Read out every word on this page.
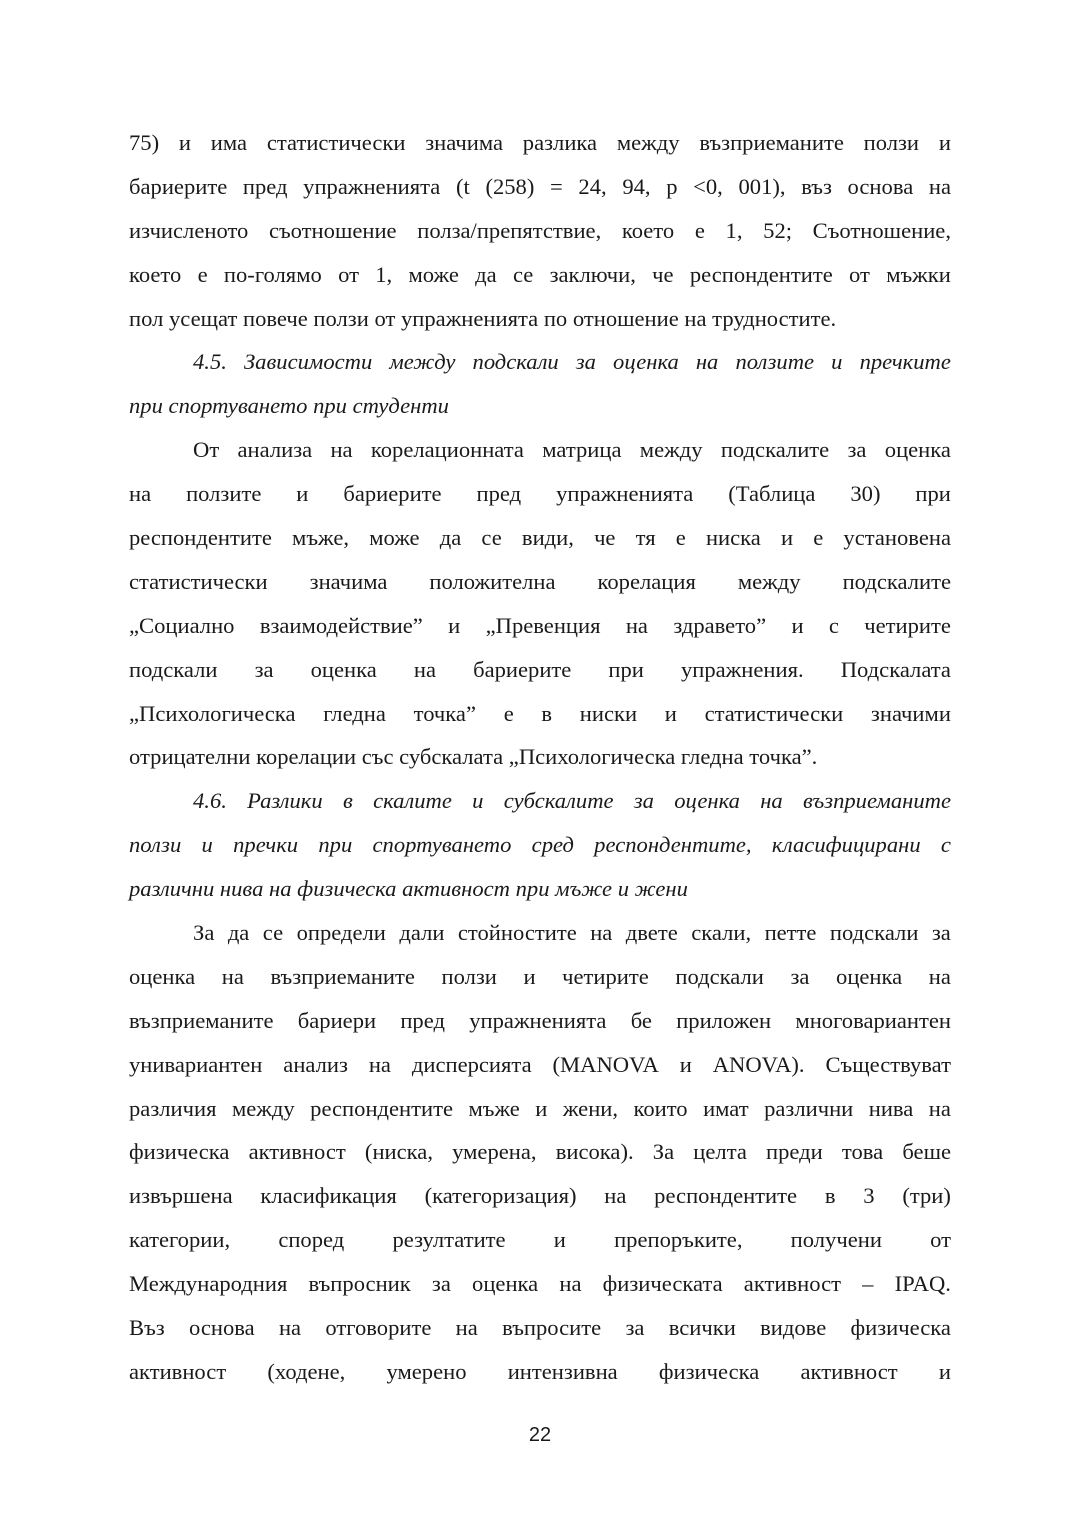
75) и има статистически значима разлика между възприеманите ползи и
бариерите пред упражненията (t (258) = 24, 94, p <0, 001), въз основа на
изчисленото съотношение полза/препятствие, което е 1, 52; Съотношение,
което е по-голямо от 1, може да се заключи, че респондентите от мъжки
пол усещат повече ползи от упражненията по отношение на трудностите.
4.5. Зависимости между подскали за оценка на ползите и пречките
при спортуването при студенти
От анализа на корелационната матрица между подскалите за оценка
на ползите и бариерите пред упражненията (Таблица 30) при
респондентите мъже, може да се види, че тя е ниска и е установена
статистически значима положителна корелация между подскалите
„Социално взаимодействие” и „Превенция на здравето” и с четирите
подскали за оценка на бариерите при упражнения. Подскалата
„Психологическа гледна точка” е в ниски и статистически значими
отрицателни корелации със субскалата „Психологическа гледна точка”.
4.6. Разлики в скалите и субскалите за оценка на възприеманите
ползи и пречки при спортуването сред респондентите, класифицирани с
различни нива на физическа активност при мъже и жени
За да се определи дали стойностите на двете скали, петте подскали за
оценка на възприеманите ползи и четирите подскали за оценка на
възприеманите бариери пред упражненията бе приложен многовариантен
унивариантен анализ на дисперсията (MANOVA и ANOVA). Съществуват
различия между респондентите мъже и жени, които имат различни нива на
физическа активност (ниска, умерена, висока). За целта преди това беше
извършена класификация (категоризация) на респондентите в 3 (три)
категории, според резултатите и препоръките, получени от
Международния въпросник за оценка на физическата активност – IPAQ.
Въз основа на отговорите на въпросите за всички видове физическа
активност (ходене, умерено интензивна физическа активност и
22
